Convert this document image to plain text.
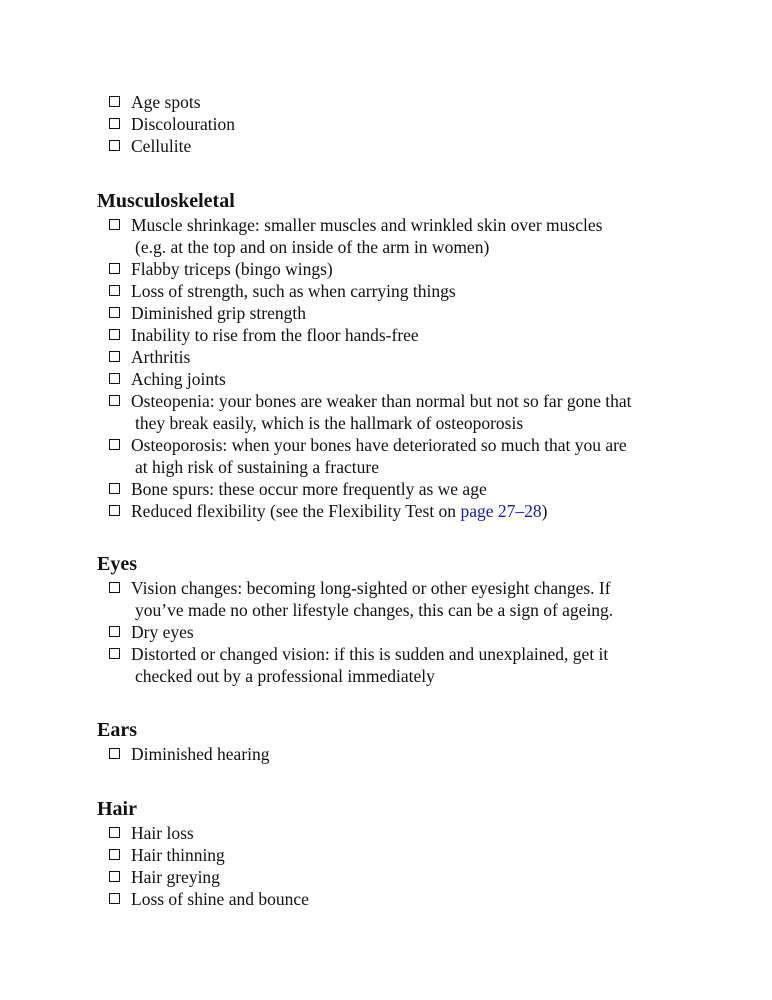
Age spots
Discolouration
Cellulite
Musculoskeletal
Muscle shrinkage: smaller muscles and wrinkled skin over muscles
(e.g. at the top and on inside of the arm in women)
Flabby triceps (bingo wings)
Loss of strength, such as when carrying things
Diminished grip strength
Inability to rise from the floor hands-free
Arthritis
Aching joints
Osteopenia: your bones are weaker than normal but not so far gone that
they break easily, which is the hallmark of osteoporosis
Osteoporosis: when your bones have deteriorated so much that you are
at high risk of sustaining a fracture
Bone spurs: these occur more frequently as we age
Reduced flexibility (see the Flexibility Test on page 27–28)
Eyes
Vision changes: becoming long-sighted or other eyesight changes. If
you’ve made no other lifestyle changes, this can be a sign of ageing.
Dry eyes
Distorted or changed vision: if this is sudden and unexplained, get it
checked out by a professional immediately
Ears
Diminished hearing
Hair
Hair loss
Hair thinning
Hair greying
Loss of shine and bounce
